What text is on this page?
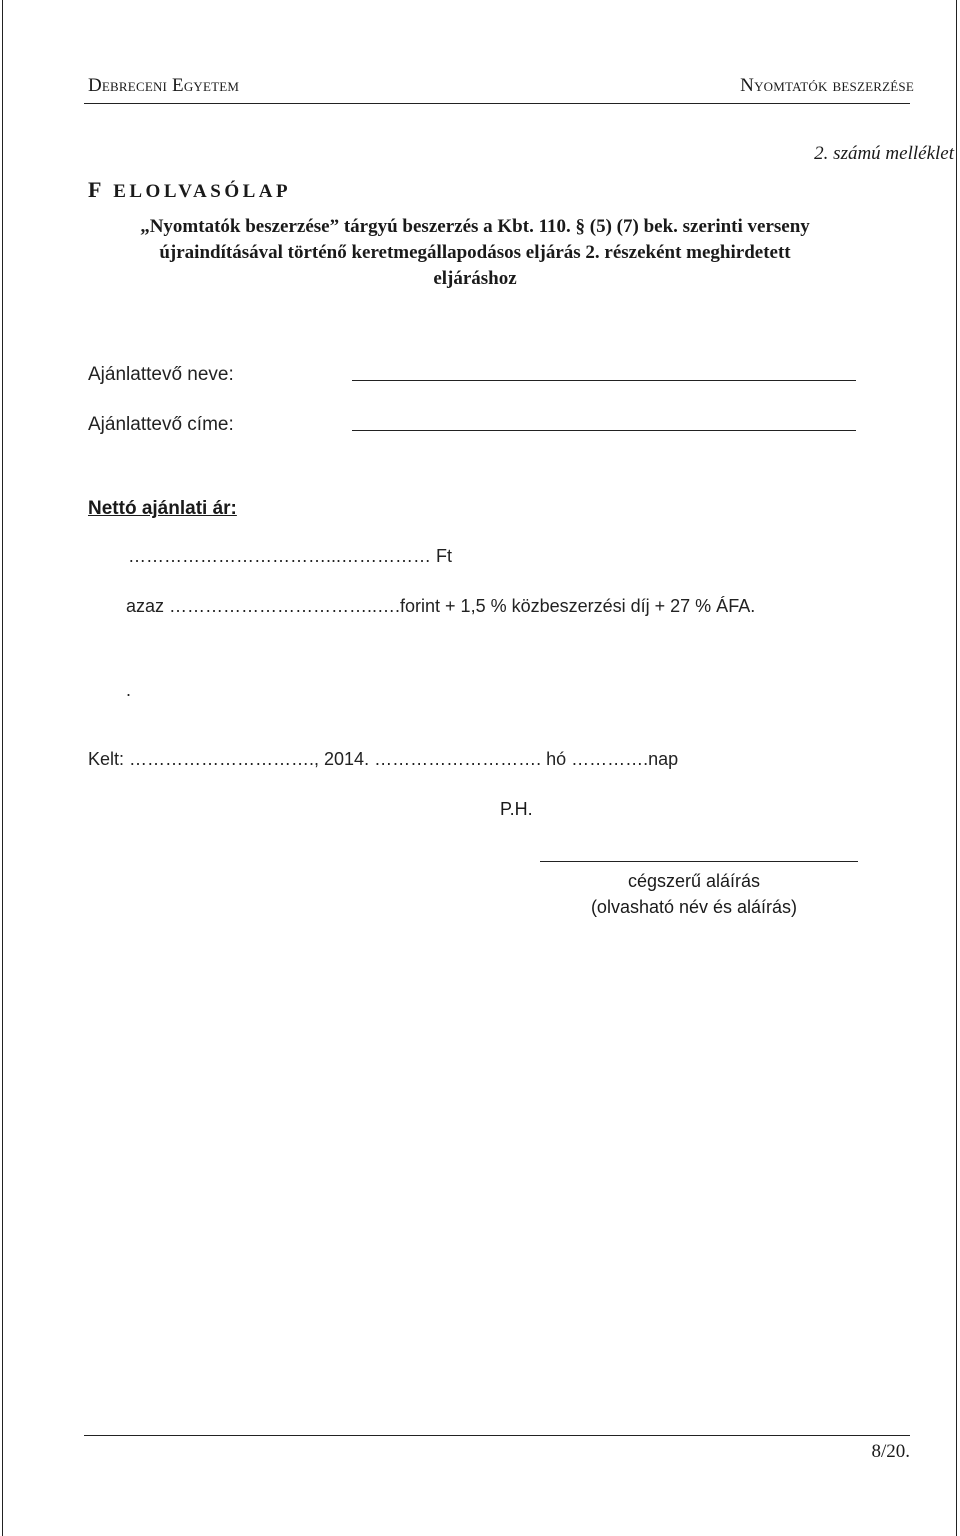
Debreceni Egyetem	Nyomtatók beszerzése
2. számú melléklet
F ELOLVASÓLAP
„Nyomtatók beszerzése” tárgyú beszerzés a Kbt. 110. § (5) (7) bek. szerinti verseny
újraindításával történő keretmegállapodásos eljárás 2. részeként meghirdetett
eljáráshoz
Ajánlattevő neve:
Ajánlattevő címe:
Nettó ajánlati ár:
……………………………...…………… Ft
azaz ……………………………..….forint + 1,5 % közbeszerzési díj + 27 % ÁFA.
.
Kelt: …………………………., 2014. ………………………. hó ………….nap
P.H.
cégszerű aláírás
(olvasható név és aláírás)
8/20.
